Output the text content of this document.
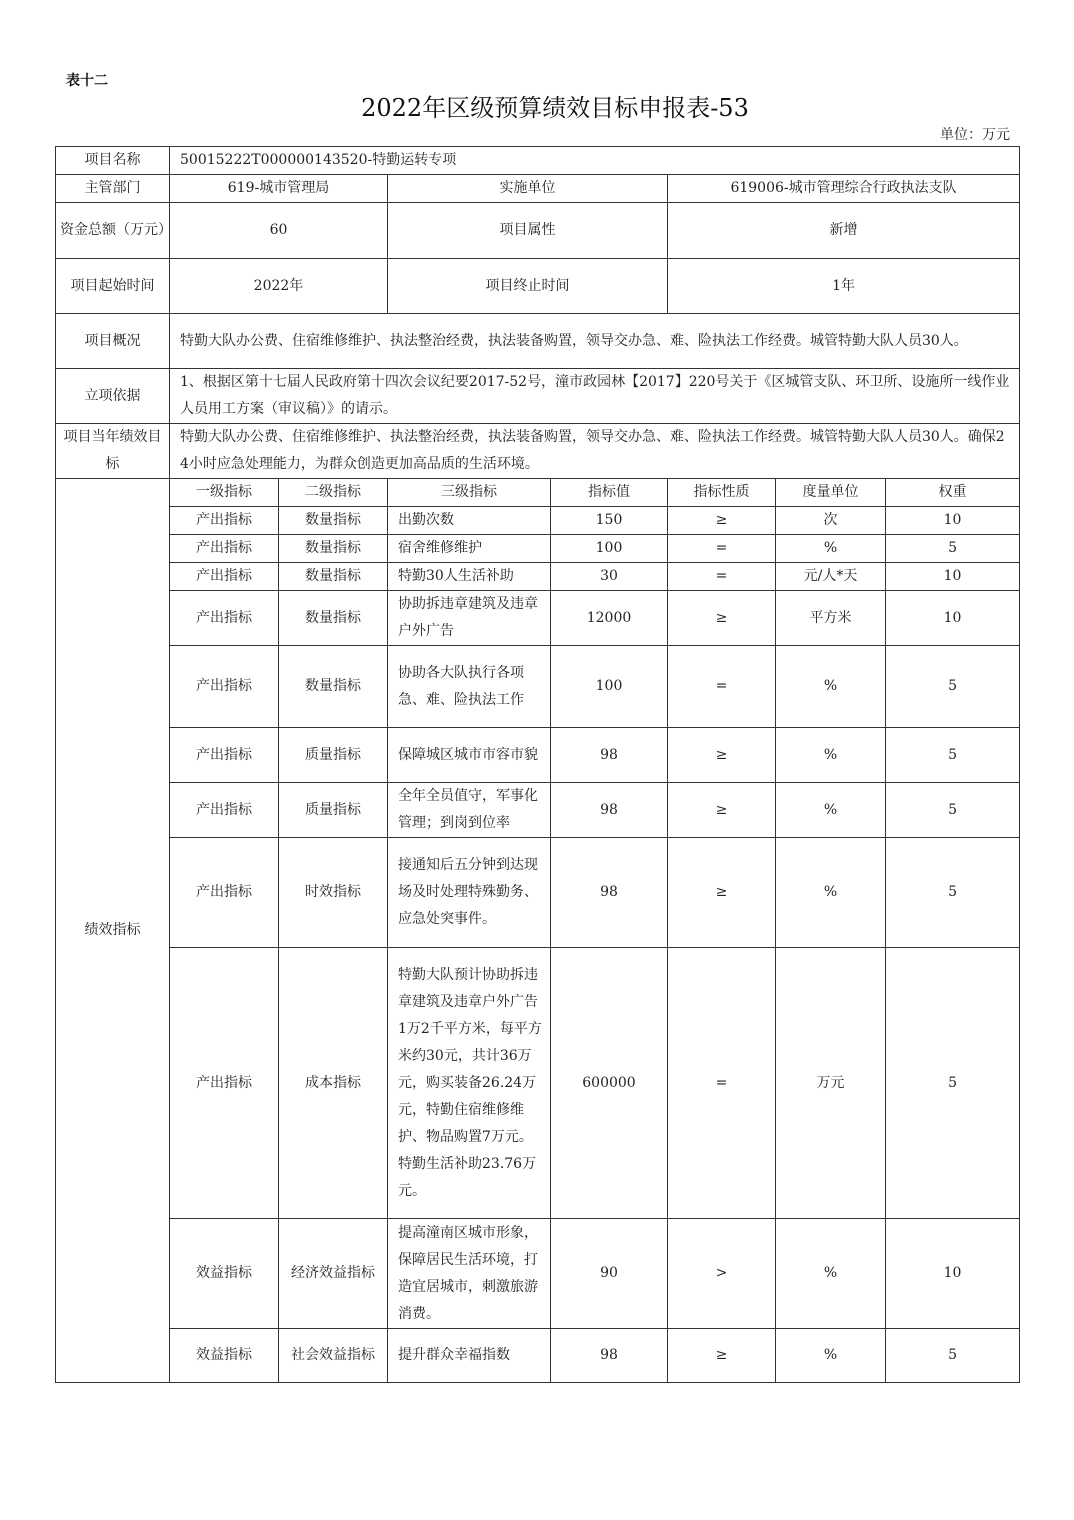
表十二
2022年区级预算绩效目标申报表-53
单位：万元
项目名称	50015222T000000143520-特勤运转专项						
主管部门	619-城市管理局		实施单位		619006-城市管理综合行政执法支队		
资金总额（万元）	60		项目属性		新增		
项目起始时间	2022年		项目终止时间		1年		
项目概况	特勤大队办公费、住宿维修维护、执法整治经费，执法装备购置，领导交办急、难、险执法工作经费。城管特勤大队人员30人。						
立项依据	1、根据区第十七届人民政府第十四次会议纪要2017-52号，潼市政园林【2017】220号关于《区城管支队、环卫所、设施所一线作业人员用工方案（审议稿）》的请示。						
项目当年绩效目标	特勤大队办公费、住宿维修维护、执法整治经费，执法装备购置，领导交办急、难、险执法工作经费。城管特勤大队人员30人。确保24小时应急处理能力，为群众创造更加高品质的生活环境。						
绩效指标	一级指标	二级指标	三级指标	指标值	指标性质	度量单位	权重
	产出指标	数量指标	出勤次数	150	≥	次	10
	产出指标	数量指标	宿舍维修维护	100	=	%	5
	产出指标	数量指标	特勤30人生活补助	30	=	元/人*天	10
	产出指标	数量指标	协助拆违章建筑及违章户外广告	12000	≥	平方米	10
	产出指标	数量指标	协助各大队执行各项急、难、险执法工作	100	=	%	5
	产出指标	质量指标	保障城区城市市容市貌	98	≥	%	5
	产出指标	质量指标	全年全员值守，军事化管理；到岗到位率	98	≥	%	5
	产出指标	时效指标	接通知后五分钟到达现场及时处理特殊勤务、应急处突事件。	98	≥	%	5
	产出指标	成本指标	特勤大队预计协助拆违章建筑及违章户外广告1万2千平方米，每平方米约30元，共计36万元，购买装备26.24万元，特勤住宿维修维护、物品购置7万元。特勤生活补助23.76万元。	600000	=	万元	5
	效益指标	经济效益指标	提高潼南区城市形象，保障居民生活环境，打造宜居城市，刺激旅游消费。	90	>	%	10
	效益指标	社会效益指标	提升群众幸福指数	98	≥	%	5
